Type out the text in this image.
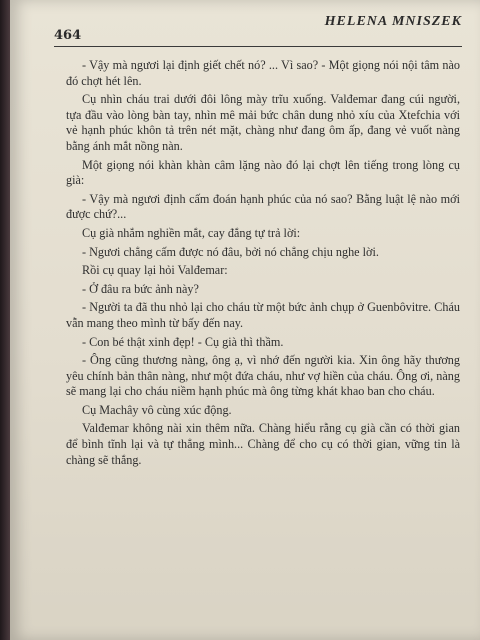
464
HELENA MNISZEK

- Vậy mà ngươi lại định giết chết nó? ... Vì sao? - Một giọng nói nội tâm nào đó chợt hét lên.

Cụ nhìn cháu trai dưới đôi lông mày trĩu xuống. Valđemar đang cúi người, tựa đầu vào lòng bàn tay, nhìn mê mải bức chân dung nhỏ xíu của Xtefchia với vẻ hạnh phúc khôn tả trên nét mặt, chàng như đang ôm ấp, đang vẻ vuốt nàng bằng ánh mắt nồng nàn.

Một giọng nói khàn khàn câm lặng nào đó lại chợt lên tiếng trong lòng cụ già:

- Vậy mà ngươi định cấm đoán hạnh phúc của nó sao? Bằng luật lệ nào mới được chứ?...

Cụ già nhắm nghiền mắt, cay đắng tự trả lời:

- Ngươi chẳng cấm được nó đâu, bởi nó chẳng chịu nghe lời.

Rồi cụ quay lại hỏi Valđemar:

- Ở đâu ra bức ảnh này?

- Người ta đã thu nhỏ lại cho cháu từ một bức ảnh chụp ở Guenbôvitre. Cháu vẫn mang theo mình từ bấy đến nay.

- Con bé thật xinh đẹp! - Cụ già thì thầm.

- Ông cũng thương nàng, ông ạ, vì nhớ đến người kia. Xin ông hãy thương yêu chính bản thân nàng, như một đứa cháu, như vợ hiền của cháu. Ông ơi, nàng sẽ mang lại cho cháu niềm hạnh phúc mà ông từng khát khao ban cho cháu.

Cụ Machây vô cùng xúc động.

Valđemar không nài xin thêm nữa. Chàng hiểu rằng cụ già cần có thời gian để bình tĩnh lại và tự thẳng mình... Chàng để cho cụ có thời gian, vững tin là chàng sẽ thắng.
